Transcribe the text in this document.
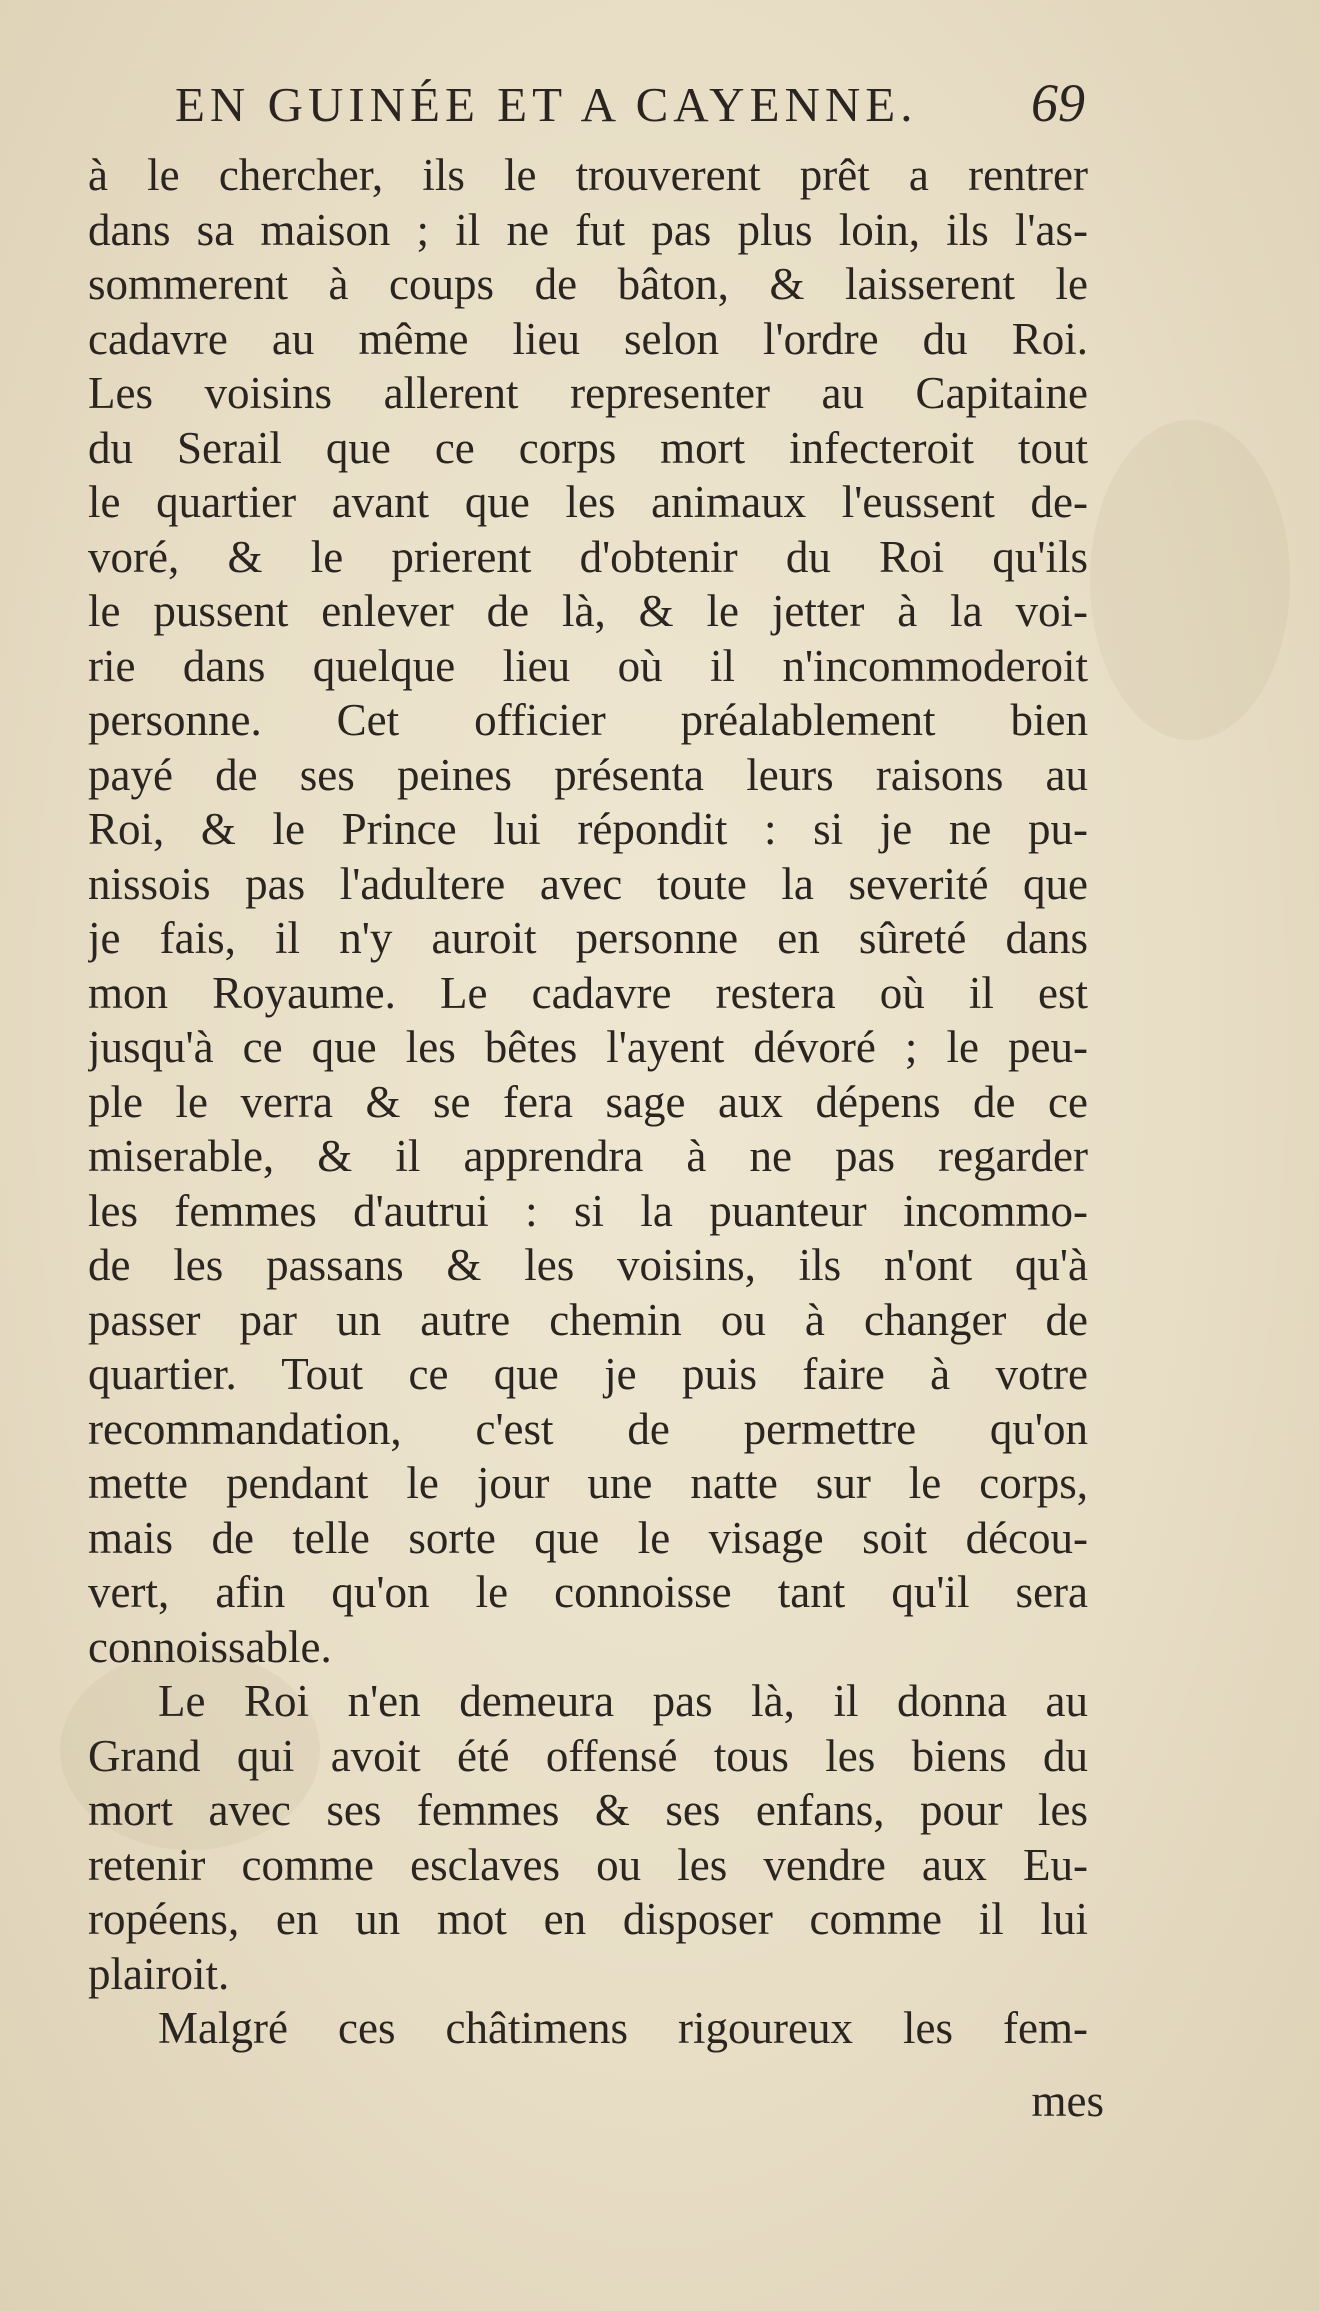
EN GUINÉE ET A CAYENNE. 69
à le chercher, ils le trouverent prêt a rentrer
dans sa maison ; il ne fut pas plus loin, ils l'as-
sommerent à coups de bâton, & laisserent le
cadavre au même lieu selon l'ordre du Roi.
Les voisins allerent representer au Capitaine
du Serail que ce corps mort infecteroit tout
le quartier avant que les animaux l'eussent de-
voré, & le prierent d'obtenir du Roi qu'ils
le pussent enlever de là, & le jetter à la voi-
rie dans quelque lieu où il n'incommoderoit
personne. Cet officier préalablement bien
payé de ses peines présenta leurs raisons au
Roi, & le Prince lui répondit : si je ne pu-
nissois pas l'adultere avec toute la severité que
je fais, il n'y auroit personne en sûreté dans
mon Royaume. Le cadavre restera où il est
jusqu'à ce que les bêtes l'ayent dévoré ; le peu-
ple le verra & se fera sage aux dépens de ce
miserable, & il apprendra à ne pas regarder
les femmes d'autrui : si la puanteur incommo-
de les passans & les voisins, ils n'ont qu'à
passer par un autre chemin ou à changer de
quartier. Tout ce que je puis faire à votre
recommandation, c'est de permettre qu'on
mette pendant le jour une natte sur le corps,
mais de telle sorte que le visage soit décou-
vert, afin qu'on le connoisse tant qu'il sera
connoissable.
Le Roi n'en demeura pas là, il donna au
Grand qui avoit été offensé tous les biens du
mort avec ses femmes & ses enfans, pour les
retenir comme esclaves ou les vendre aux Eu-
ropéens, en un mot en disposer comme il lui
plairoit.
Malgré ces châtimens rigoureux les fem-
mes
